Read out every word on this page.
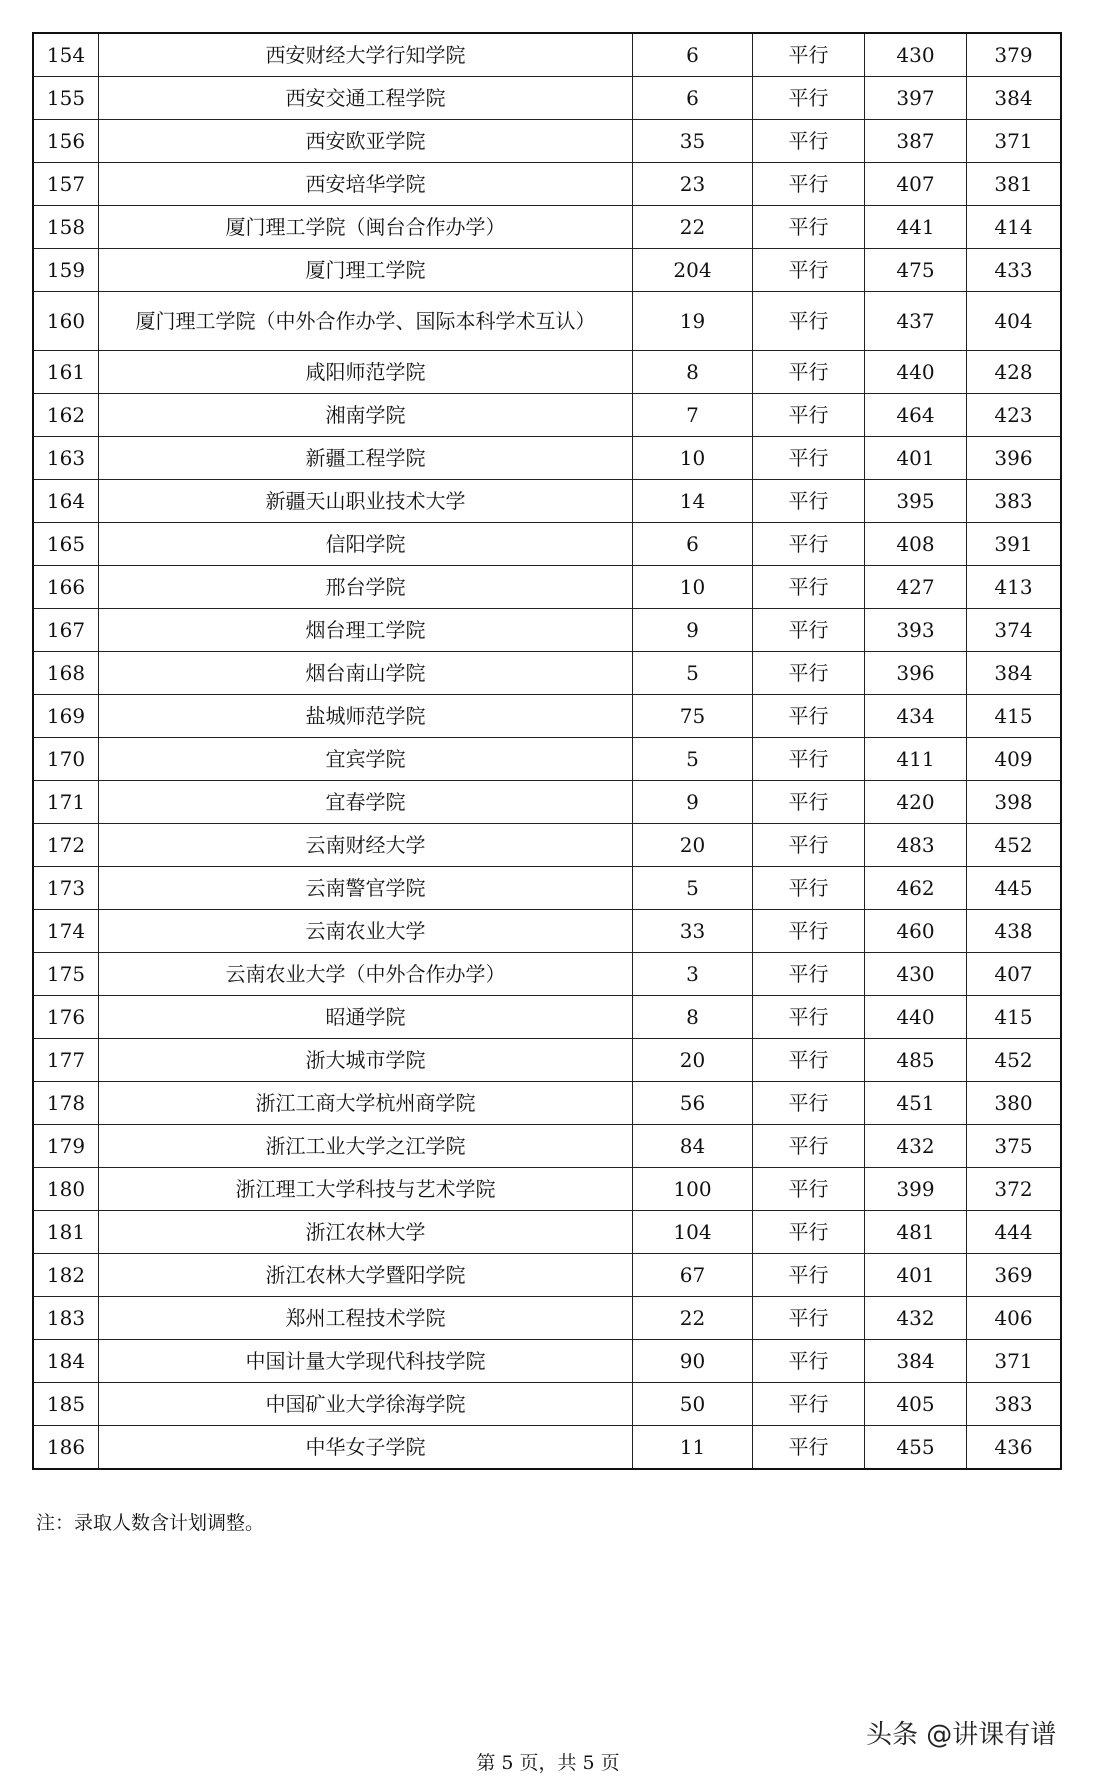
154	西安财经大学行知学院	6	平行	430	379
155	西安交通工程学院	6	平行	397	384
156	西安欧亚学院	35	平行	387	371
157	西安培华学院	23	平行	407	381
158	厦门理工学院（闽台合作办学）	22	平行	441	414
159	厦门理工学院	204	平行	475	433
160	厦门理工学院（中外合作办学、国际本科学术互认）	19	平行	437	404
161	咸阳师范学院	8	平行	440	428
162	湘南学院	7	平行	464	423
163	新疆工程学院	10	平行	401	396
164	新疆天山职业技术大学	14	平行	395	383
165	信阳学院	6	平行	408	391
166	邢台学院	10	平行	427	413
167	烟台理工学院	9	平行	393	374
168	烟台南山学院	5	平行	396	384
169	盐城师范学院	75	平行	434	415
170	宜宾学院	5	平行	411	409
171	宜春学院	9	平行	420	398
172	云南财经大学	20	平行	483	452
173	云南警官学院	5	平行	462	445
174	云南农业大学	33	平行	460	438
175	云南农业大学（中外合作办学）	3	平行	430	407
176	昭通学院	8	平行	440	415
177	浙大城市学院	20	平行	485	452
178	浙江工商大学杭州商学院	56	平行	451	380
179	浙江工业大学之江学院	84	平行	432	375
180	浙江理工大学科技与艺术学院	100	平行	399	372
181	浙江农林大学	104	平行	481	444
182	浙江农林大学暨阳学院	67	平行	401	369
183	郑州工程技术学院	22	平行	432	406
184	中国计量大学现代科技学院	90	平行	384	371
185	中国矿业大学徐海学院	50	平行	405	383
186	中华女子学院	11	平行	455	436
注：录取人数含计划调整。
头条 @讲课有谱
第 5 页，共 5 页
